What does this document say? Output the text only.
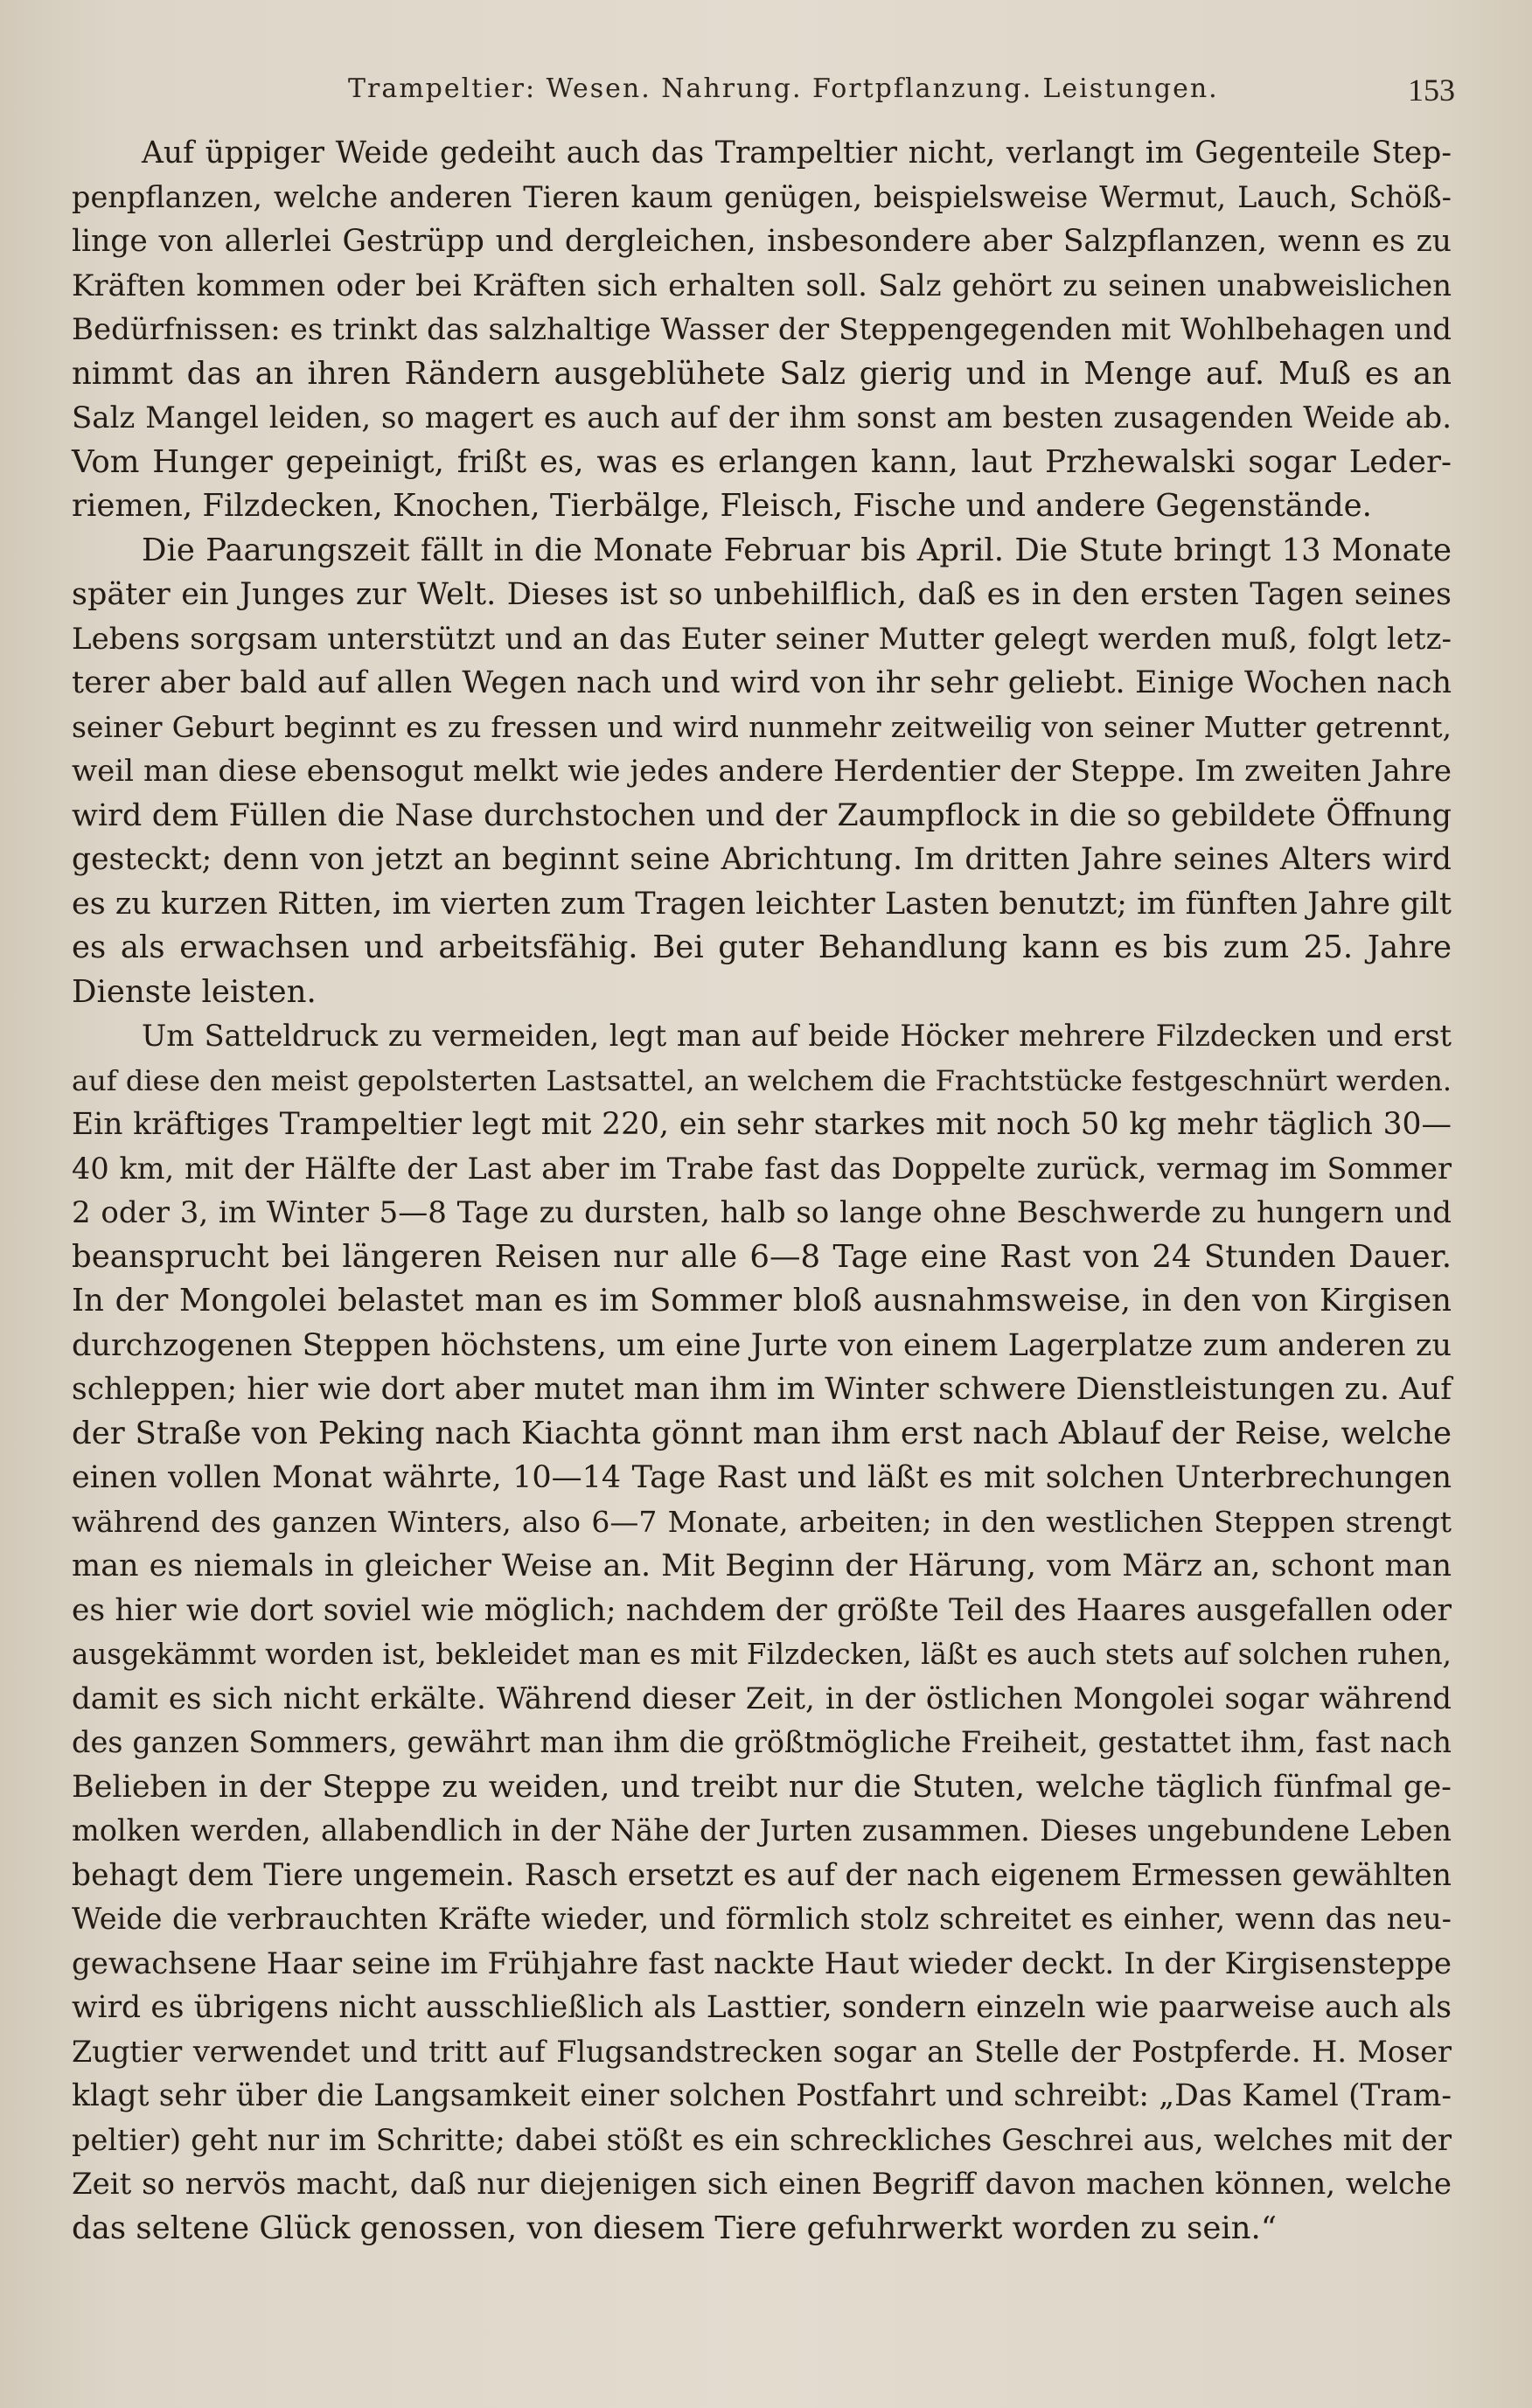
Trampeltier: Wesen. Nahrung. Fortpflanzung. Leistungen.	153
Auf üppiger Weide gedeiht auch das Trampeltier nicht, verlangt im Gegenteile Step-
penpflanzen, welche anderen Tieren kaum genügen, beispielsweise Wermut, Lauch, Schöß-
linge von allerlei Gestrüpp und dergleichen, insbesondere aber Salzpflanzen, wenn es zu
Kräften kommen oder bei Kräften sich erhalten soll. Salz gehört zu seinen unabweislichen
Bedürfnissen: es trinkt das salzhaltige Wasser der Steppengegenden mit Wohlbehagen und
nimmt das an ihren Rändern ausgeblühete Salz gierig und in Menge auf. Muß es an
Salz Mangel leiden, so magert es auch auf der ihm sonst am besten zusagenden Weide ab.
Vom Hunger gepeinigt, frißt es, was es erlangen kann, laut Przhewalski sogar Leder-
riemen, Filzdecken, Knochen, Tierbälge, Fleisch, Fische und andere Gegenstände.
Die Paarungszeit fällt in die Monate Februar bis April. Die Stute bringt 13 Monate
später ein Junges zur Welt. Dieses ist so unbehilflich, daß es in den ersten Tagen seines
Lebens sorgsam unterstützt und an das Euter seiner Mutter gelegt werden muß, folgt letz-
terer aber bald auf allen Wegen nach und wird von ihr sehr geliebt. Einige Wochen nach
seiner Geburt beginnt es zu fressen und wird nunmehr zeitweilig von seiner Mutter getrennt,
weil man diese ebensogut melkt wie jedes andere Herdentier der Steppe. Im zweiten Jahre
wird dem Füllen die Nase durchstochen und der Zaumpflock in die so gebildete Öffnung
gesteckt; denn von jetzt an beginnt seine Abrichtung. Im dritten Jahre seines Alters wird
es zu kurzen Ritten, im vierten zum Tragen leichter Lasten benutzt; im fünften Jahre gilt
es als erwachsen und arbeitsfähig. Bei guter Behandlung kann es bis zum 25. Jahre
Dienste leisten.
Um Satteldruck zu vermeiden, legt man auf beide Höcker mehrere Filzdecken und erst
auf diese den meist gepolsterten Lastsattel, an welchem die Frachtstücke festgeschnürt werden.
Ein kräftiges Trampeltier legt mit 220, ein sehr starkes mit noch 50 kg mehr täglich 30—
40 km, mit der Hälfte der Last aber im Trabe fast das Doppelte zurück, vermag im Sommer
2 oder 3, im Winter 5—8 Tage zu dursten, halb so lange ohne Beschwerde zu hungern und
beansprucht bei längeren Reisen nur alle 6—8 Tage eine Rast von 24 Stunden Dauer.
In der Mongolei belastet man es im Sommer bloß ausnahmsweise, in den von Kirgisen
durchzogenen Steppen höchstens, um eine Jurte von einem Lagerplatze zum anderen zu
schleppen; hier wie dort aber mutet man ihm im Winter schwere Dienstleistungen zu. Auf
der Straße von Peking nach Kiachta gönnt man ihm erst nach Ablauf der Reise, welche
einen vollen Monat währte, 10—14 Tage Rast und läßt es mit solchen Unterbrechungen
während des ganzen Winters, also 6—7 Monate, arbeiten; in den westlichen Steppen strengt
man es niemals in gleicher Weise an. Mit Beginn der Härung, vom März an, schont man
es hier wie dort soviel wie möglich; nachdem der größte Teil des Haares ausgefallen oder
ausgekämmt worden ist, bekleidet man es mit Filzdecken, läßt es auch stets auf solchen ruhen,
damit es sich nicht erkälte. Während dieser Zeit, in der östlichen Mongolei sogar während
des ganzen Sommers, gewährt man ihm die größtmögliche Freiheit, gestattet ihm, fast nach
Belieben in der Steppe zu weiden, und treibt nur die Stuten, welche täglich fünfmal ge-
molken werden, allabendlich in der Nähe der Jurten zusammen. Dieses ungebundene Leben
behagt dem Tiere ungemein. Rasch ersetzt es auf der nach eigenem Ermessen gewählten
Weide die verbrauchten Kräfte wieder, und förmlich stolz schreitet es einher, wenn das neu-
gewachsene Haar seine im Frühjahre fast nackte Haut wieder deckt. In der Kirgisensteppe
wird es übrigens nicht ausschließlich als Lasttier, sondern einzeln wie paarweise auch als
Zugtier verwendet und tritt auf Flugsandstrecken sogar an Stelle der Postpferde. H. Moser
klagt sehr über die Langsamkeit einer solchen Postfahrt und schreibt: „Das Kamel (Tram-
peltier) geht nur im Schritte; dabei stößt es ein schreckliches Geschrei aus, welches mit der
Zeit so nervös macht, daß nur diejenigen sich einen Begriff davon machen können, welche
das seltene Glück genossen, von diesem Tiere gefuhrwerkt worden zu sein.“
